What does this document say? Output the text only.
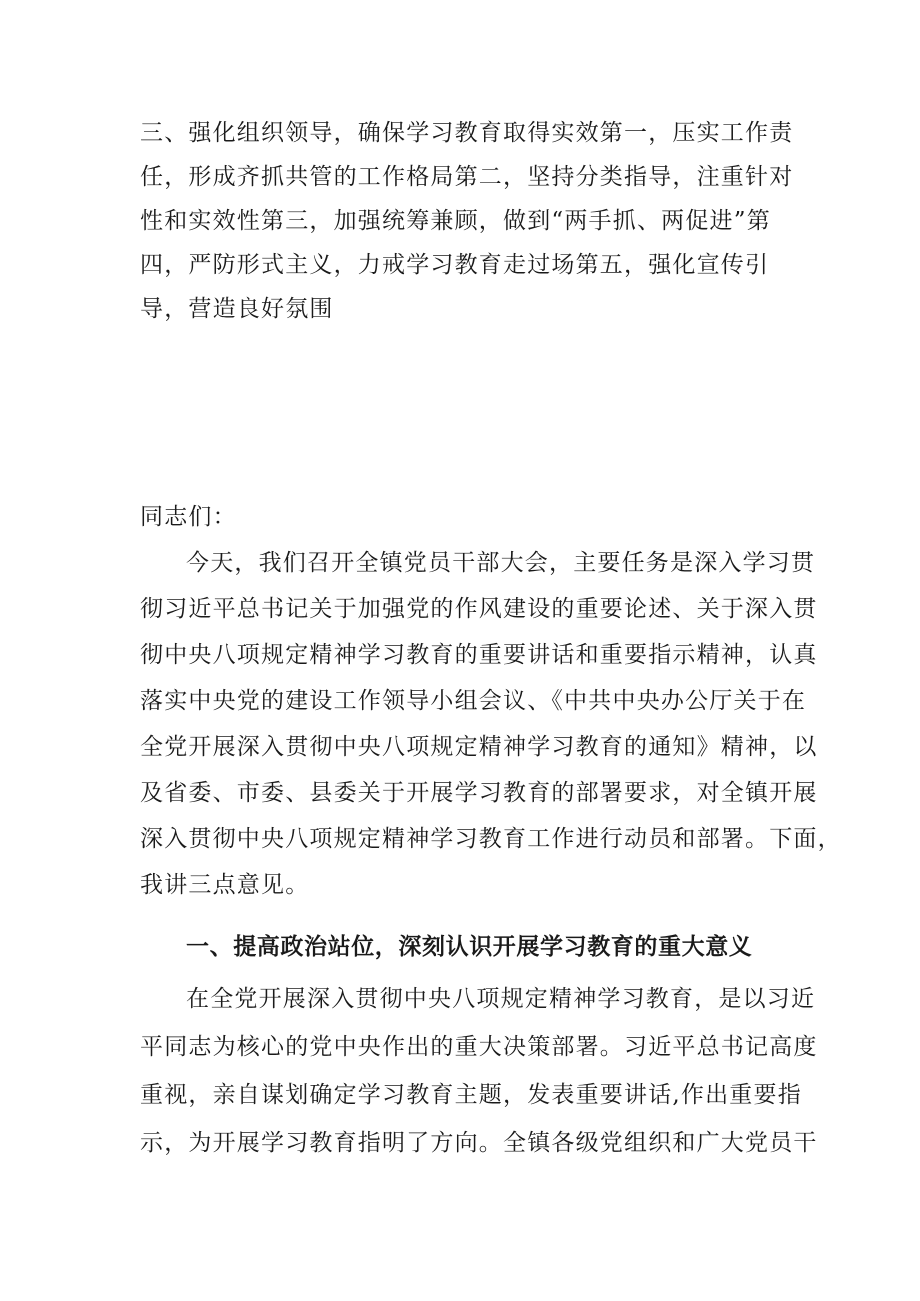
三、强化组织领导，确保学习教育取得实效第一，压实工作责
任，形成齐抓共管的工作格局第二，坚持分类指导，注重针对
性和实效性第三，加强统筹兼顾，做到“两手抓、两促进”第
四，严防形式主义，力戒学习教育走过场第五，强化宣传引
导，营造良好氛围
同志们：
今天，我们召开全镇党员干部大会，主要任务是深入学习贯
彻习近平总书记关于加强党的作风建设的重要论述、关于深入贯
彻中央八项规定精神学习教育的重要讲话和重要指示精神，认真
落实中央党的建设工作领导小组会议、《中共中央办公厅关于在
全党开展深入贯彻中央八项规定精神学习教育的通知》精神，以
及省委、市委、县委关于开展学习教育的部署要求，对全镇开展
深入贯彻中央八项规定精神学习教育工作进行动员和部署。下面，
我讲三点意见。
一、提高政治站位，深刻认识开展学习教育的重大意义
在全党开展深入贯彻中央八项规定精神学习教育，是以习近
平同志为核心的党中央作出的重大决策部署。习近平总书记高度
重视，亲自谋划确定学习教育主题，发表重要讲话,作出重要指
示，为开展学习教育指明了方向。全镇各级党组织和广大党员干
